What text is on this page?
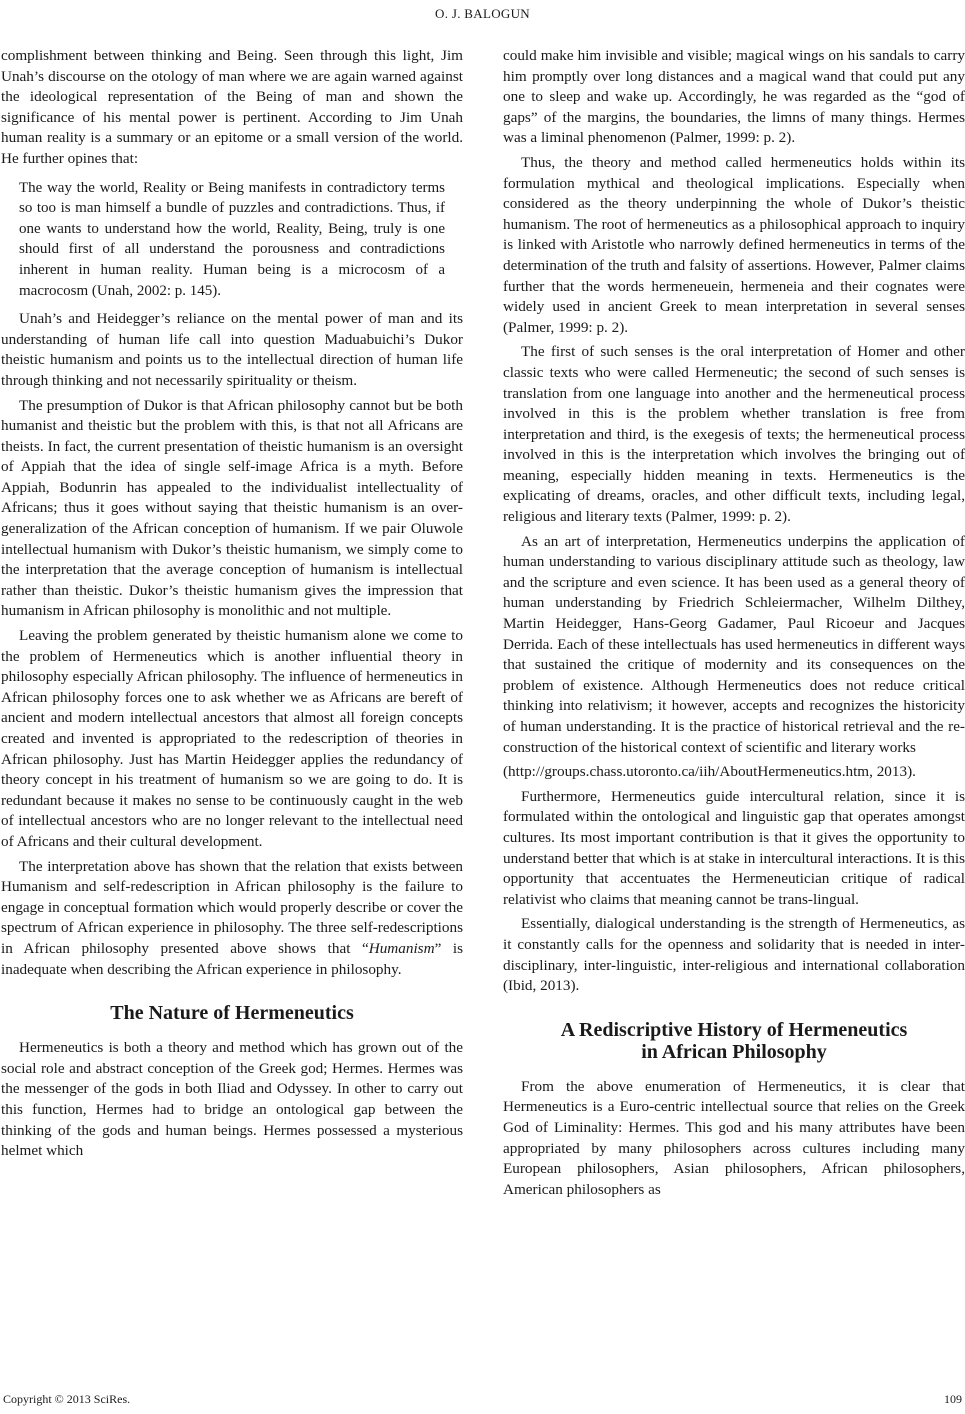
O. J. BALOGUN

complishment between thinking and Being. Seen through this light, Jim Unah’s discourse on the otology of man where we are again warned against the ideological representation of the Being of man and shown the significance of his mental power is pertinent. According to Jim Unah human reality is a summary or an epitome or a small version of the world. He further opines that:

The way the world, Reality or Being manifests in contradictory terms so too is man himself a bundle of puzzles and contradictions. Thus, if one wants to understand how the world, Reality, Being, truly is one should first of all understand the porousness and contradictions inherent in human reality. Human being is a microcosm of a macrocosm (Unah, 2002: p. 145).

Unah’s and Heidegger’s reliance on the mental power of man and its understanding of human life call into question Maduabuichi’s Dukor theistic humanism and points us to the intellectual direction of human life through thinking and not necessarily spirituality or theism.

The presumption of Dukor is that African philosophy cannot but be both humanist and theistic but the problem with this, is that not all Africans are theists. In fact, the current presentation of theistic humanism is an oversight of Appiah that the idea of single self-image Africa is a myth. Before Appiah, Bodunrin has appealed to the individualist intellectuality of Africans; thus it goes without saying that theistic humanism is an over-generalization of the African conception of humanism. If we pair Oluwole intellectual humanism with Dukor’s theistic humanism, we simply come to the interpretation that the average conception of humanism is intellectual rather than theistic. Dukor’s theistic humanism gives the impression that humanism in African philosophy is monolithic and not multiple.

Leaving the problem generated by theistic humanism alone we come to the problem of Hermeneutics which is another influential theory in philosophy especially African philosophy. The influence of hermeneutics in African philosophy forces one to ask whether we as Africans are bereft of ancient and modern intellectual ancestors that almost all foreign concepts created and invented is appropriated to the redescription of theories in African philosophy. Just has Martin Heidegger applies the redundancy of theory concept in his treatment of humanism so we are going to do. It is redundant because it makes no sense to be continuously caught in the web of intellectual ancestors who are no longer relevant to the intellectual need of Africans and their cultural development.

The interpretation above has shown that the relation that exists between Humanism and self-redescription in African philosophy is the failure to engage in conceptual formation which would properly describe or cover the spectrum of African experience in philosophy. The three self-redescriptions in African philosophy presented above shows that “Humanism” is inadequate when describing the African experience in philosophy.

The Nature of Hermeneutics

Hermeneutics is both a theory and method which has grown out of the social role and abstract conception of the Greek god; Hermes. Hermes was the messenger of the gods in both Iliad and Odyssey. In other to carry out this function, Hermes had to bridge an ontological gap between the thinking of the gods and human beings. Hermes possessed a mysterious helmet which

could make him invisible and visible; magical wings on his sandals to carry him promptly over long distances and a magical wand that could put any one to sleep and wake up. Accordingly, he was regarded as the “god of gaps” of the margins, the boundaries, the limns of many things. Hermes was a liminal phenomenon (Palmer, 1999: p. 2).

Thus, the theory and method called hermeneutics holds within its formulation mythical and theological implications. Especially when considered as the theory underpinning the whole of Dukor’s theistic humanism. The root of hermeneutics as a philosophical approach to inquiry is linked with Aristotle who narrowly defined hermeneutics in terms of the determination of the truth and falsity of assertions. However, Palmer claims further that the words hermeneuein, hermeneia and their cognates were widely used in ancient Greek to mean interpretation in several senses (Palmer, 1999: p. 2).

The first of such senses is the oral interpretation of Homer and other classic texts who were called Hermeneutic; the second of such senses is translation from one language into another and the hermeneutical process involved in this is the problem whether translation is free from interpretation and third, is the exegesis of texts; the hermeneutical process involved in this is the interpretation which involves the bringing out of meaning, especially hidden meaning in texts. Hermeneutics is the explicating of dreams, oracles, and other difficult texts, including legal, religious and literary texts (Palmer, 1999: p. 2).

As an art of interpretation, Hermeneutics underpins the application of human understanding to various disciplinary attitude such as theology, law and the scripture and even science. It has been used as a general theory of human understanding by Friedrich Schleiermacher, Wilhelm Dilthey, Martin Heidegger, Hans-Georg Gadamer, Paul Ricoeur and Jacques Derrida. Each of these intellectuals has used hermeneutics in different ways that sustained the critique of modernity and its consequences on the problem of existence. Although Hermeneutics does not reduce critical thinking into relativism; it however, accepts and recognizes the historicity of human understanding. It is the practice of historical retrieval and the re-construction of the historical context of scientific and literary works

(http://groups.chass.utoronto.ca/iih/AboutHermeneutics.htm, 2013).

Furthermore, Hermeneutics guide intercultural relation, since it is formulated within the ontological and linguistic gap that operates amongst cultures. Its most important contribution is that it gives the opportunity to understand better that which is at stake in intercultural interactions. It is this opportunity that accentuates the Hermeneutician critique of radical relativist who claims that meaning cannot be trans-lingual.

Essentially, dialogical understanding is the strength of Hermeneutics, as it constantly calls for the openness and solidarity that is needed in inter-disciplinary, inter-linguistic, inter-religious and international collaboration (Ibid, 2013).

A Rediscriptive History of Hermeneutics
in African Philosophy

From the above enumeration of Hermeneutics, it is clear that Hermeneutics is a Euro-centric intellectual source that relies on the Greek God of Liminality: Hermes. This god and his many attributes have been appropriated by many philosophers across cultures including many European philosophers, Asian philosophers, African philosophers, American philosophers as

Copyright © 2013 SciRes.	109
